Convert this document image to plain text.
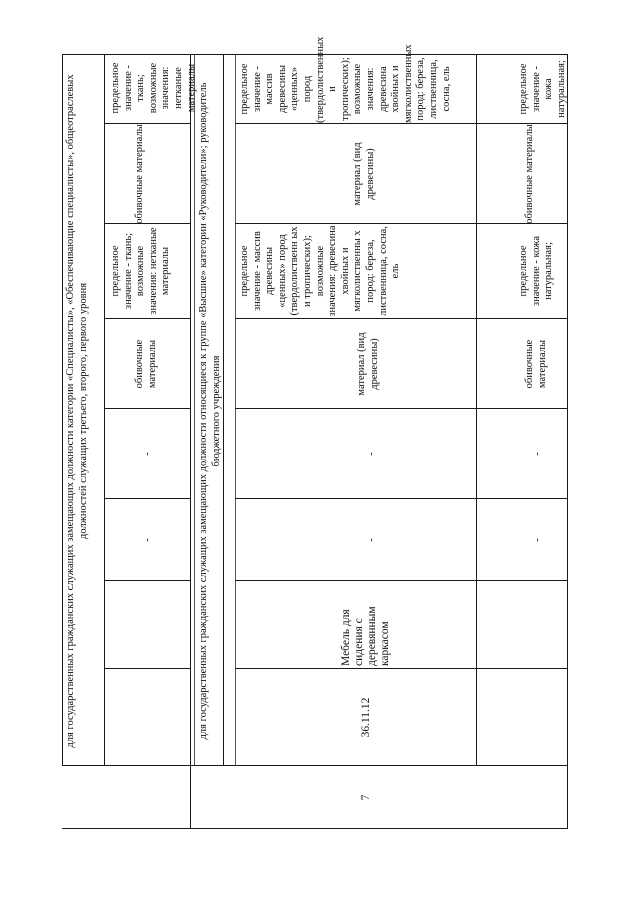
7
36.11.12
Мебель для сидения с деревянным каркасом
для государственных гражданских служащих замещающих должности категории «Специалисты», «Обеспечивающие специалисты», общеотраслевых должностей служащих третьего, второго, первого уровня
-
-
обивочные материалы
предельное значение - ткань; возможные значения: нетканые материалы
обивочные материалы
предельное значение - ткань; возможные значения: нетканые материалы для государственных гражданских служащих замещающих должности относящиеся к группе «Высшие» категории «Руководители»; руководитель бюджетного учреждения
-
-
материал (вид древесины)
предельное значение - массив древесины «ценных» пород (твердолиственн ых и тропических); возможные значения: древесина хвойных и мягколиственны х пород: береза, лиственница, сосна, ель
материал (вид древесины)
предельное значение - массив древесины «ценных» пород (твердолиственных и тропических); возможные значения: древесина хвойных и мягколиственных пород: береза, лиственница, сосна, ель
-
-
обивочные материалы
предельное значение - кожа натуральная;
обивочные материалы
предельное значение - кожа натуральная;
